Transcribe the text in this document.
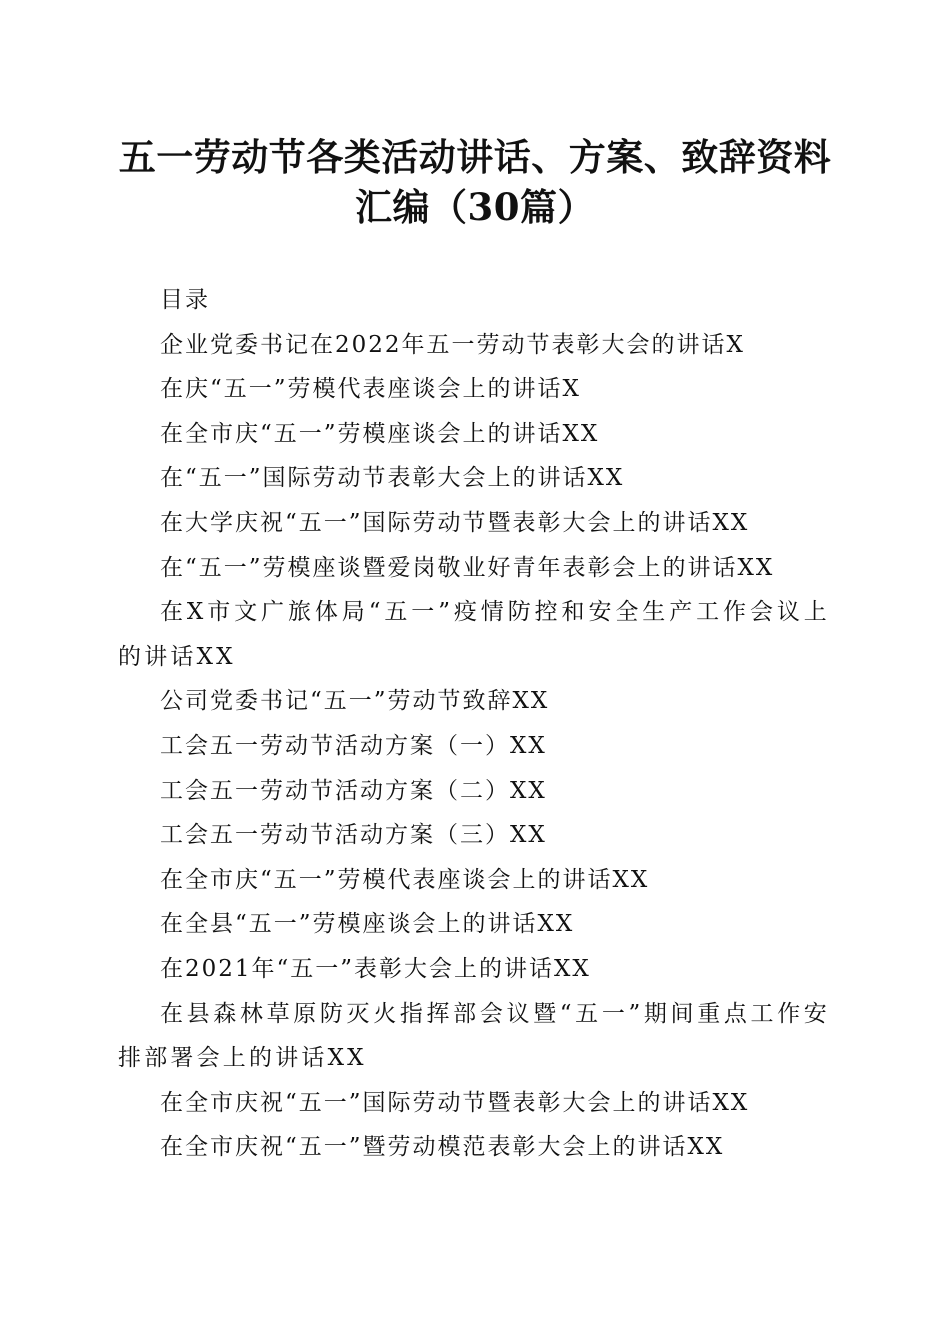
五一劳动节各类活动讲话、方案、致辞资料汇编（30篇）

目录

企业党委书记在2022年五一劳动节表彰大会的讲话X

在庆“五一”劳模代表座谈会上的讲话X

在全市庆“五一”劳模座谈会上的讲话XX

在“五一”国际劳动节表彰大会上的讲话XX

在大学庆祝“五一”国际劳动节暨表彰大会上的讲话XX

在“五一”劳模座谈暨爱岗敬业好青年表彰会上的讲话XX

在X市文广旅体局“五一”疫情防控和安全生产工作会议上的讲话XX

公司党委书记“五一”劳动节致辞XX

工会五一劳动节活动方案（一）XX

工会五一劳动节活动方案（二）XX

工会五一劳动节活动方案（三）XX

在全市庆“五一”劳模代表座谈会上的讲话XX

在全县“五一”劳模座谈会上的讲话XX

在2021年“五一”表彰大会上的讲话XX

在县森林草原防灭火指挥部会议暨“五一”期间重点工作安排部署会上的讲话XX

在全市庆祝“五一”国际劳动节暨表彰大会上的讲话XX

在全市庆祝“五一”暨劳动模范表彰大会上的讲话XX
